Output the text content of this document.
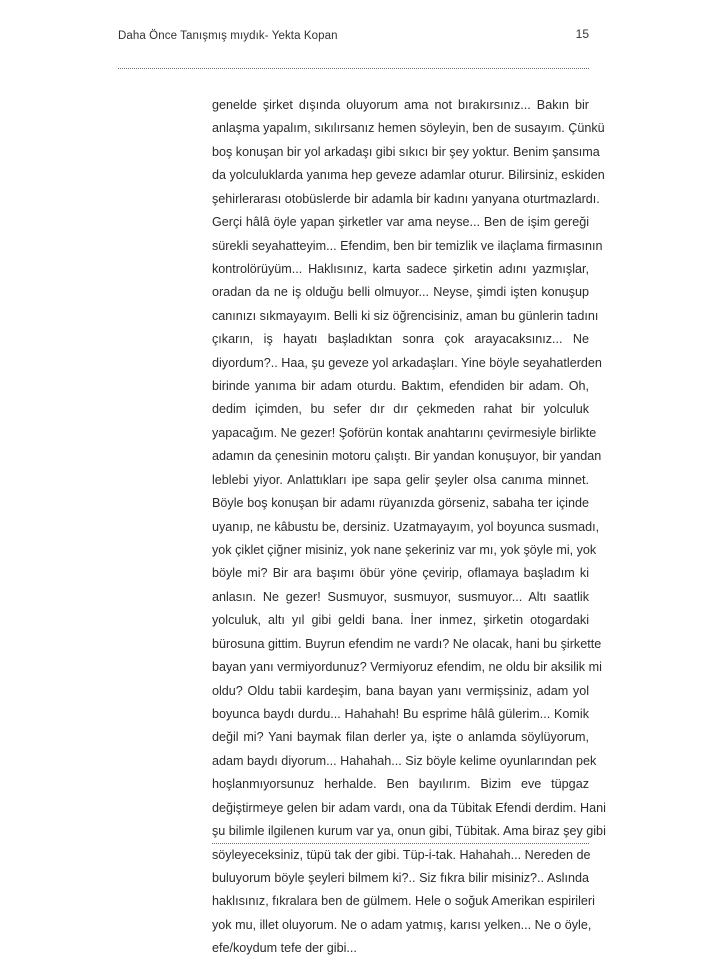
Daha Önce Tanışmış mıydık- Yekta Kopan	15
genelde şirket dışında oluyorum ama not bırakırsınız... Bakın bir
anlaşma yapalım, sıkılırsanız hemen söyleyin, ben de susayım. Çünkü
boş konuşan bir yol arkadaşı gibi sıkıcı bir şey yoktur. Benim şansıma
da yolculuklarda yanıma hep geveze adamlar oturur. Bilirsiniz, eskiden
şehirlerarası otobüslerde bir adamla bir kadını yanyana oturtmazlardı.
Gerçi hâlâ öyle yapan şirketler var ama neyse... Ben de işim gereği
sürekli seyahatteyim... Efendim, ben bir temizlik ve ilaçlama firmasının
kontrolörüyüm... Haklısınız, karta sadece şirketin adını yazmışlar,
oradan da ne iş olduğu belli olmuyor... Neyse, şimdi işten konuşup
canınızı sıkmayayım. Belli ki siz öğrencisiniz, aman bu günlerin tadını
çıkarın, iş hayatı başladıktan sonra çok arayacaksınız... Ne
diyordum?.. Haa, şu geveze yol arkadaşları. Yine böyle seyahatlerden
birinde yanıma bir adam oturdu. Baktım, efendiden bir adam. Oh,
dedim içimden, bu sefer dır dır çekmeden rahat bir yolculuk
yapacağım. Ne gezer! Şoförün kontak anahtarını çevirmesiyle birlikte
adamın da çenesinin motoru çalıştı. Bir yandan konuşuyor, bir yandan
leblebi yiyor. Anlattıkları ipe sapa gelir şeyler olsa canıma minnet.
Böyle boş konuşan bir adamı rüyanızda görseniz, sabaha ter içinde
uyanıp, ne kâbustu be, dersiniz. Uzatmayayım, yol boyunca susmadı,
yok çiklet çiğner misiniz, yok nane şekeriniz var mı, yok şöyle mi, yok
böyle mi? Bir ara başımı öbür yöne çevirip, oflamaya başladım ki
anlasın. Ne gezer! Susmuyor, susmuyor, susmuyor... Altı saatlik
yolculuk, altı yıl gibi geldi bana. İner inmez, şirketin otogardaki
bürosuna gittim. Buyrun efendim ne vardı? Ne olacak, hani bu şirkette
bayan yanı vermiyordunuz? Vermiyoruz efendim, ne oldu bir aksilik mi
oldu? Oldu tabii kardeşim, bana bayan yanı vermişsiniz, adam yol
boyunca baydı durdu... Hahahah! Bu esprime hâlâ gülerim... Komik
değil mi? Yani baymak filan derler ya, işte o anlamda söylüyorum,
adam baydı diyorum... Hahahah... Siz böyle kelime oyunlarından pek
hoşlanmıyorsunuz herhalde. Ben bayılırım. Bizim eve tüpgaz
değiştirmeye gelen bir adam vardı, ona da Tübitak Efendi derdim. Hani
şu bilimle ilgilenen kurum var ya, onun gibi, Tübitak. Ama biraz şey gibi
söyleyeceksiniz, tüpü tak der gibi. Tüp-i-tak. Hahahah... Nereden de
buluyorum böyle şeyleri bilmem ki?.. Siz fıkra bilir misiniz?.. Aslında
haklısınız, fıkralara ben de gülmem. Hele o soğuk Amerikan espirileri
yok mu, illet oluyorum. Ne o adam yatmış, karısı yelken... Ne o öyle,
efe/koydum tefe der gibi...
